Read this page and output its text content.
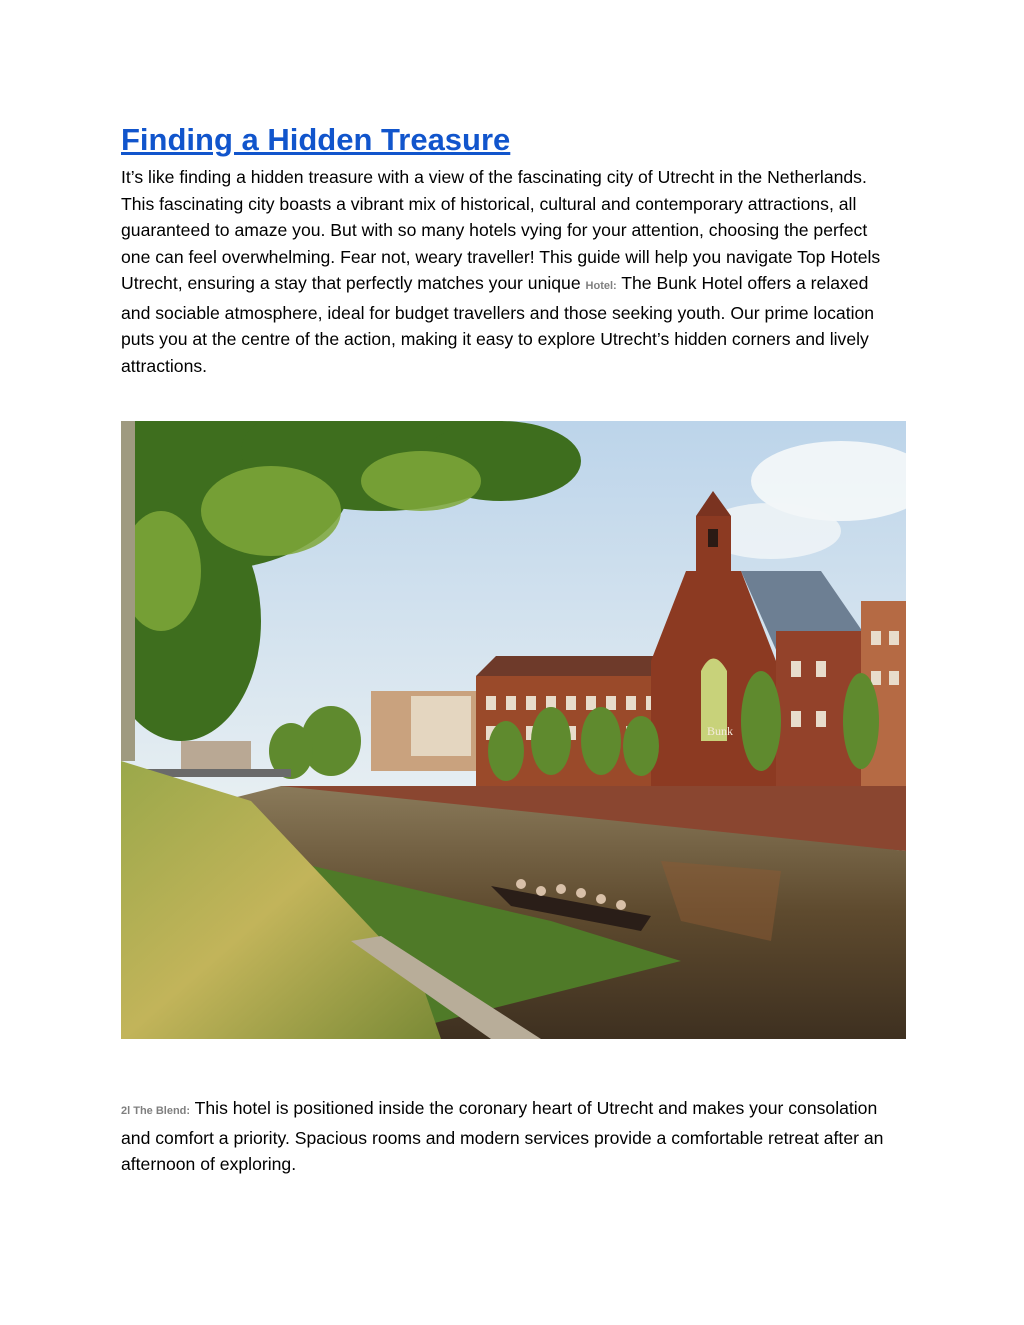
Finding a Hidden Treasure

It’s like finding a hidden treasure with a view of the fascinating city of Utrecht in the Netherlands. This fascinating city boasts a vibrant mix of historical, cultural and contemporary attractions, all guaranteed to amaze you. But with so many hotels vying for your attention, choosing the perfect one can feel overwhelming. Fear not, weary traveller! This guide will help you navigate Top Hotels Utrecht, ensuring a stay that perfectly matches your unique Hotel: The Bunk Hotel offers a relaxed and sociable atmosphere, ideal for budget travellers and those seeking youth. Our prime location puts you at the centre of the action, making it easy to explore Utrecht’s hidden corners and lively attractions.

Bunk

2l The Blend: This hotel is positioned inside the coronary heart of Utrecht and makes your consolation and comfort a priority. Spacious rooms and modern services provide a comfortable retreat after an afternoon of exploring.
